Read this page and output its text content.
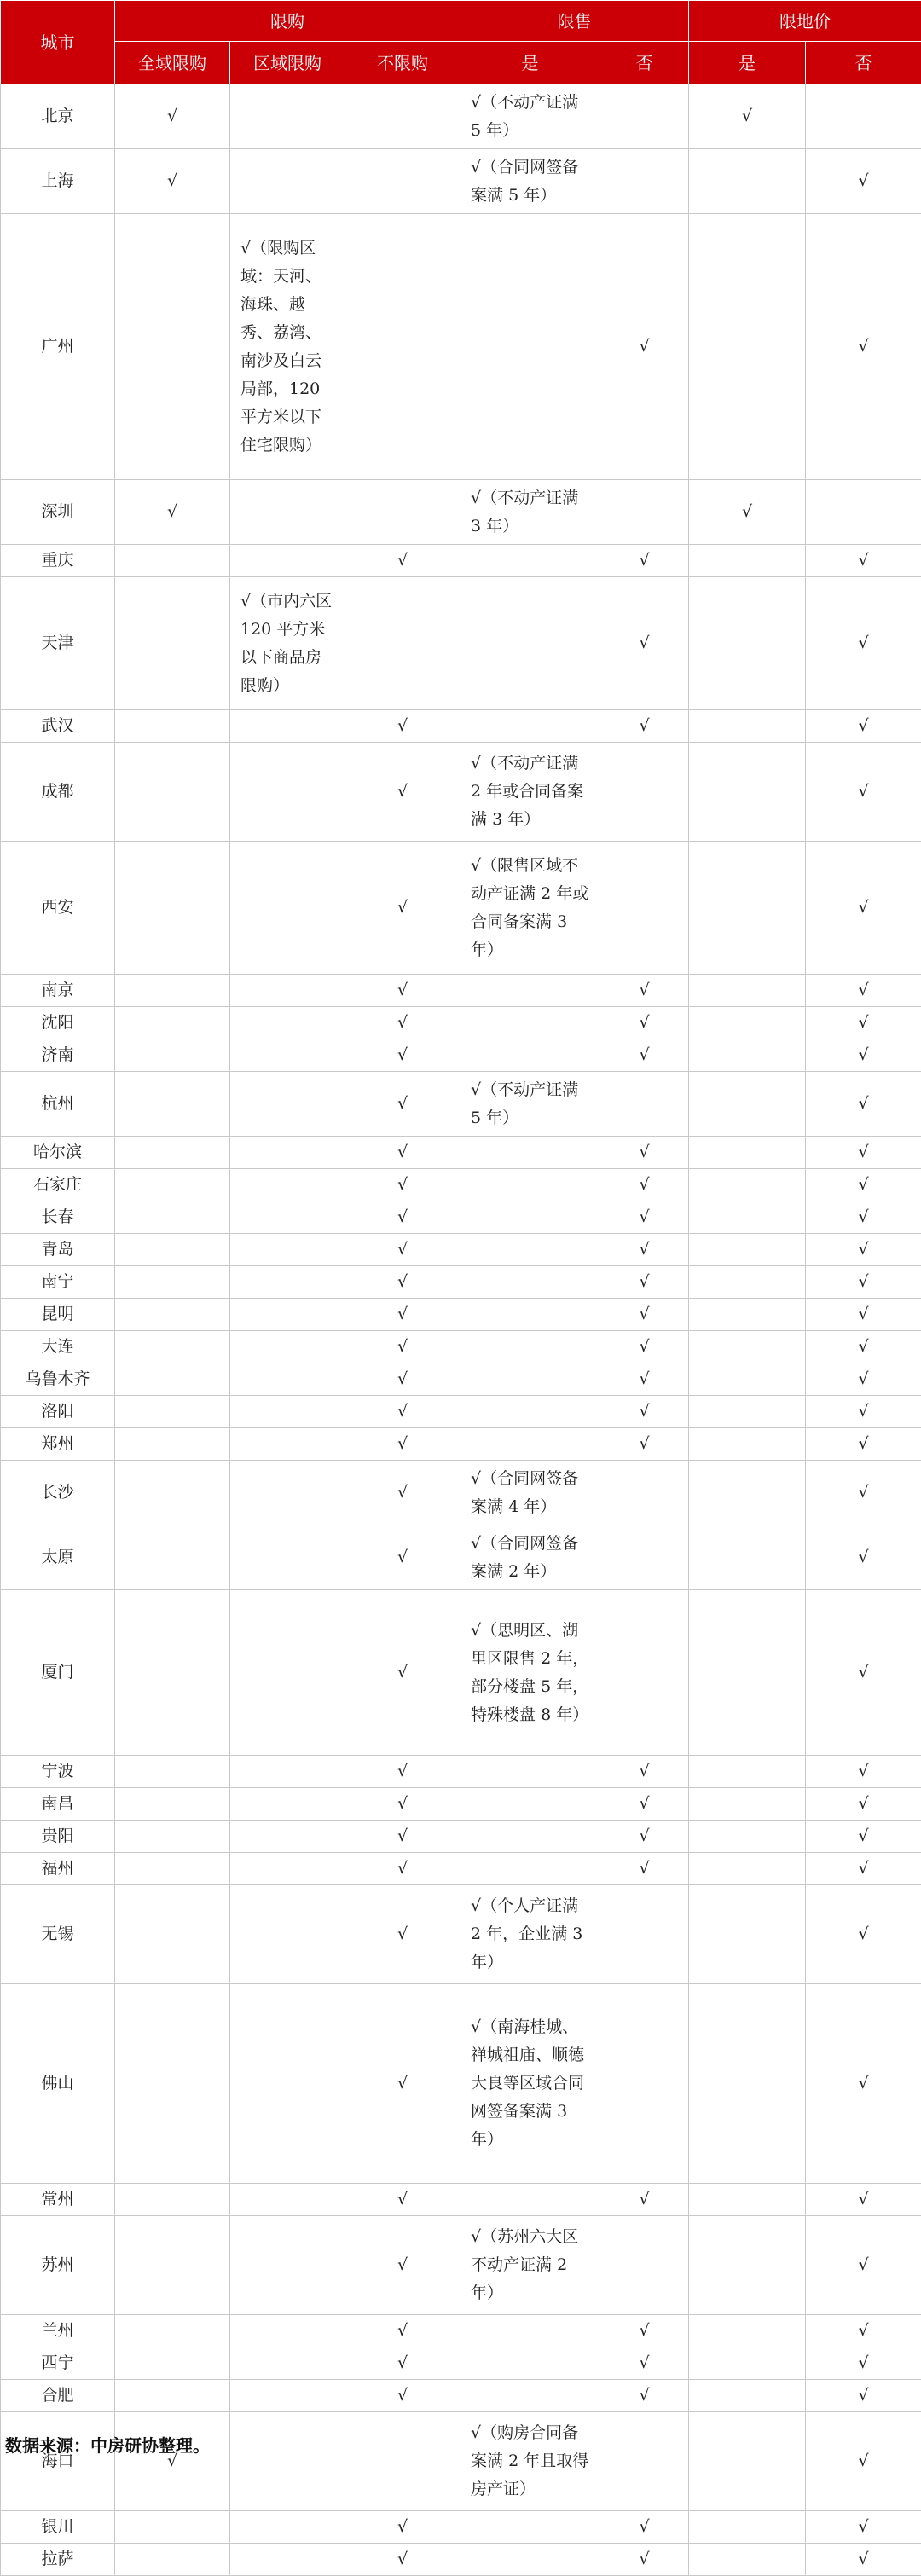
城市	限购			限售		限地价	
	全域限购	区域限购	不限购	是	否	是	否
北京	√			√（不动产证满 5 年）		√	
上海	√			√（合同网签备案满 5 年）			√
广州		√（限购区域：天河、海珠、越秀、荔湾、南沙及白云局部，120 平方米以下住宅限购）			√		√
深圳	√			√（不动产证满 3 年）		√	
重庆			√		√		√
天津		√（市内六区 120 平方米以下商品房限购）			√		√
武汉			√		√		√
成都			√	√（不动产证满 2 年或合同备案满 3 年）			√
西安			√	√（限售区域不动产证满 2 年或合同备案满 3 年）			√
南京			√		√		√
沈阳			√		√		√
济南			√		√		√
杭州			√	√（不动产证满 5 年）			√
哈尔滨			√		√		√
石家庄			√		√		√
长春			√		√		√
青岛			√		√		√
南宁			√		√		√
昆明			√		√		√
大连			√		√		√
乌鲁木齐			√		√		√
洛阳			√		√		√
郑州			√		√		√
长沙			√	√（合同网签备案满 4 年）			√
太原			√	√（合同网签备案满 2 年）			√
厦门			√	√（思明区、湖里区限售 2 年，部分楼盘 5 年，特殊楼盘 8 年）			√
宁波			√		√		√
南昌			√		√		√
贵阳			√		√		√
福州			√		√		√
无锡			√	√（个人产证满 2 年，企业满 3 年）			√
佛山			√	√（南海桂城、禅城祖庙、顺德大良等区域合同网签备案满 3 年）			√
常州			√		√		√
苏州			√	√（苏州六大区不动产证满 2 年）			√
兰州			√		√		√
西宁			√		√		√
合肥			√		√		√
海口	√			√（购房合同备案满 2 年且取得房产证）			√
银川			√		√		√
拉萨			√		√		√
数据来源：中房研协整理。
